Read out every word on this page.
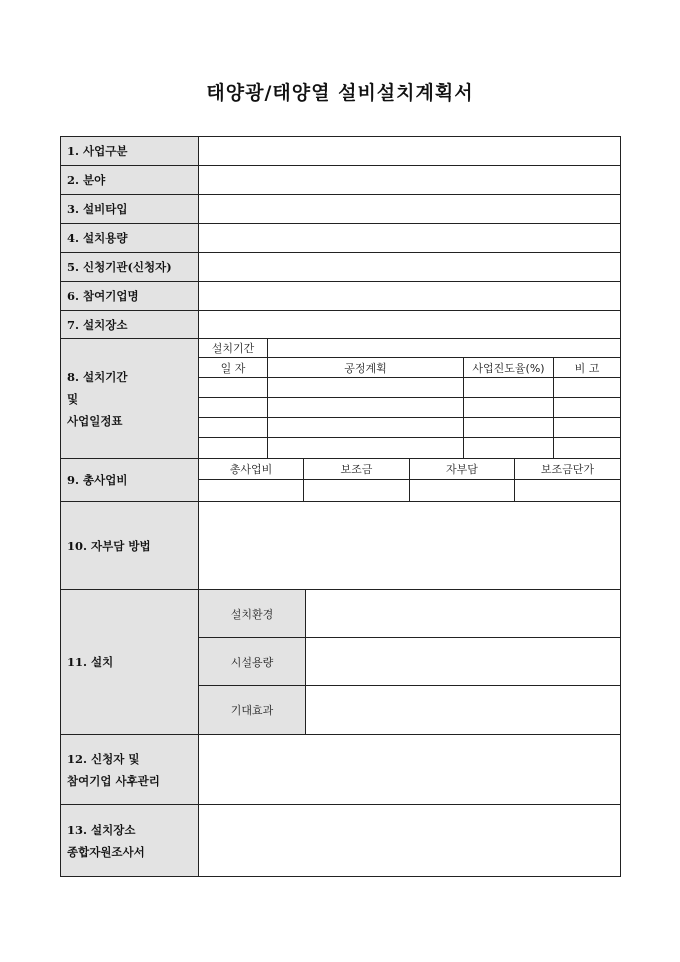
태양광/태양열 설비설치계획서
1. 사업구분
2. 분야
3. 설비타입
4. 설치용량
5. 신청기관(신청자)
6. 참여기업명
7. 설치장소
8. 설치기간
및
사업일정표
설치기간
일 자	공정계획	사업진도율(%)	비 고
9. 총사업비
총사업비	보조금	자부담	보조금단가
10. 자부담 방법
11. 설치
설치환경
시설용량
기대효과
12. 신청자 및
참여기업 사후관리
13. 설치장소
종합자원조사서
